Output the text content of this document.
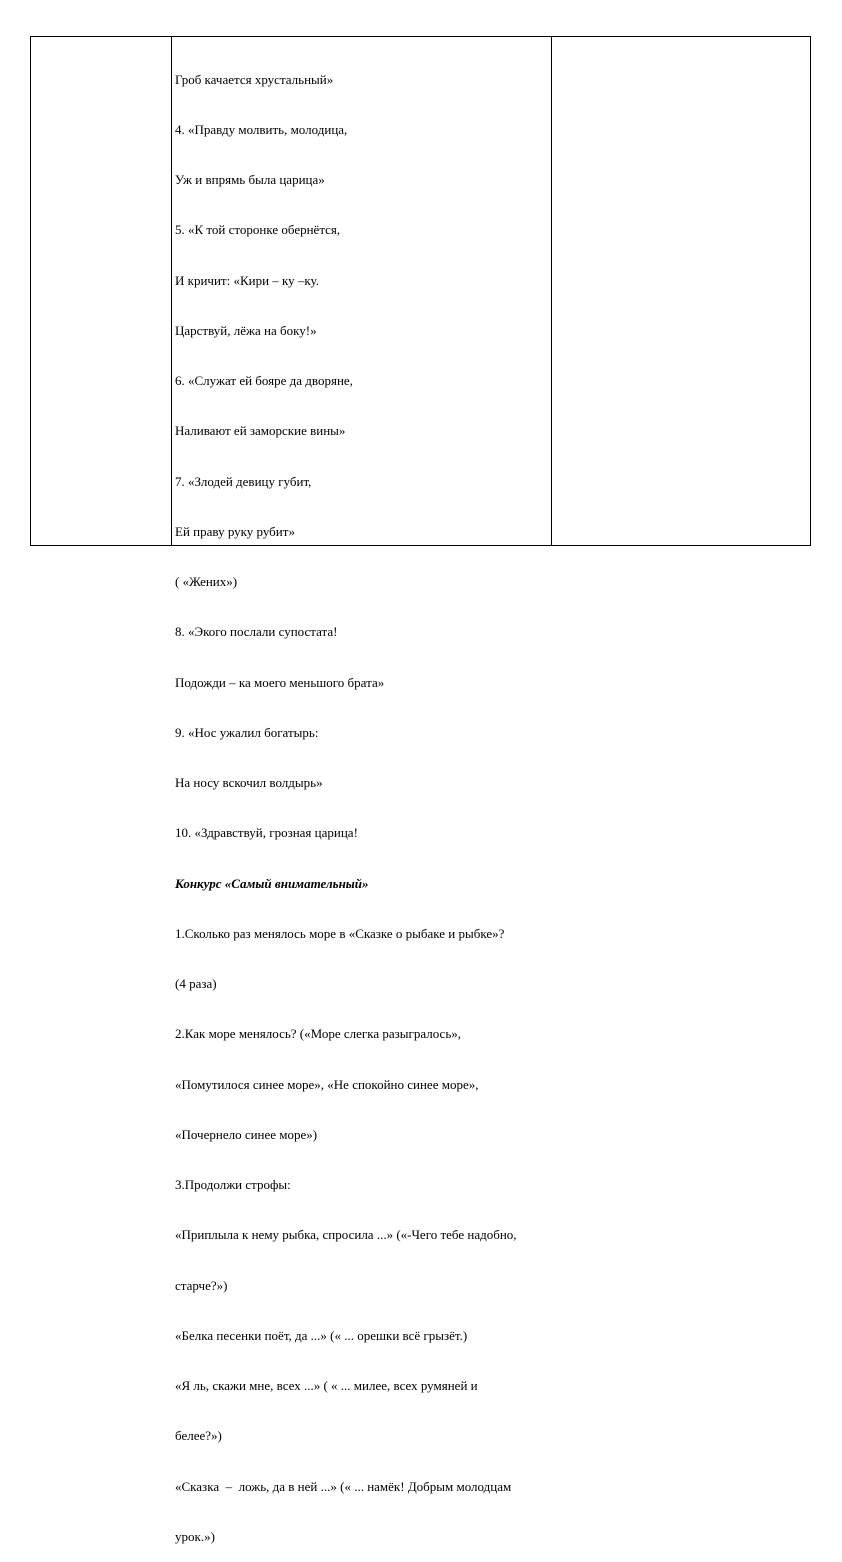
Гроб качается хрустальный»

4. «Правду молвить, молодица,

Уж и впрямь была царица»

5. «К той сторонке обернётся,

И кричит: «Кири – ку –ку.

Царствуй, лёжа на боку!»

6. «Служат ей бояре да дворяне,

Наливают ей заморские вины»

7. «Злодей девицу губит,

Ей праву руку рубит»

( «Жених»)

8. «Экого послали супостата!

Подожди – ка моего меньшого брата»

9. «Нос ужалил богатырь:

На носу вскочил волдырь»

10. «Здравствуй, грозная царица!

Конкурс «Самый внимательный»

1.Сколько раз менялось море в «Сказке о рыбаке и рыбке»?

(4 раза)

2.Как море менялось? («Море слегка разыгралось»,

«Помутилося синее море», «Не спокойно синее море»,

«Почернело синее море»)

3.Продолжи строфы:

«Приплыла к нему рыбка, спросила ...» («-Чего тебе надобно,

старче?»)

«Белка песенки поёт, да ...» (« ... орешки всё грызёт.)

«Я ль, скажи мне, всех ...» ( « ... милее, всех румяней и

белее?»)

«Сказка  –  ложь, да в ней ...» (« ... намёк! Добрым молодцам

урок.»)
